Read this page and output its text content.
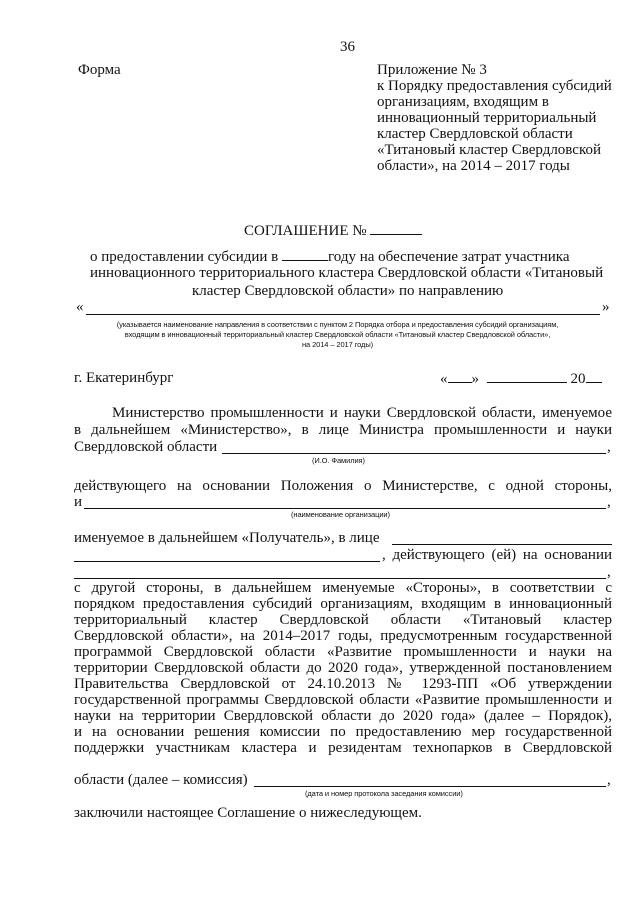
36
Форма	Приложение № 3
к Порядку предоставления субсидий
организациям, входящим в
инновационный территориальный
кластер Свердловской области
«Титановый кластер Свердловской
области», на 2014 – 2017 годы
СОГЛАШЕНИЕ №
о предоставлении субсидии в	году на обеспечение затрат участника
инновационного территориального кластера Свердловской области «Титановый
кластер Свердловской области» по направлению
«	»
(указывается наименование направления в соответствии с пунктом 2 Порядка отбора и предоставления субсидий организациям,
входящим в инновационный территориальный кластер Свердловской области «Титановый кластер Свердловской области»,
на 2014 – 2017 годы)
г. Екатеринбург	« »	20
Министерство промышленности и науки Свердловской области, именуемое
в дальнейшем «Министерство», в лице Министра промышленности и науки
Свердловской области	,
(И.О. Фамилия)
действующего на основании Положения о Министерстве, с одной стороны,
и	,
(наименование организации)
именуемое в дальнейшем «Получатель», в лице
, действующего (ей) на основании
,
с другой стороны, в дальнейшем именуемые «Стороны», в соответствии с
порядком предоставления субсидий организациям, входящим в инновационный
территориальный кластер Свердловской области «Титановый кластер
Свердловской области», на 2014–2017 годы, предусмотренным государственной
программой Свердловской области «Развитие промышленности и науки на
территории Свердловской области до 2020 года», утвержденной постановлением
Правительства Свердловской от 24.10.2013 № 1293-ПП «Об утверждении
государственной программы Свердловской области «Развитие промышленности и
науки на территории Свердловской области до 2020 года» (далее – Порядок),
и на основании решения комиссии по предоставлению мер государственной
поддержки участникам кластера и резидентам технопарков в Свердловской
области (далее – комиссия)	,
(дата и номер протокола заседания комиссии)
заключили настоящее Соглашение о нижеследующем.
